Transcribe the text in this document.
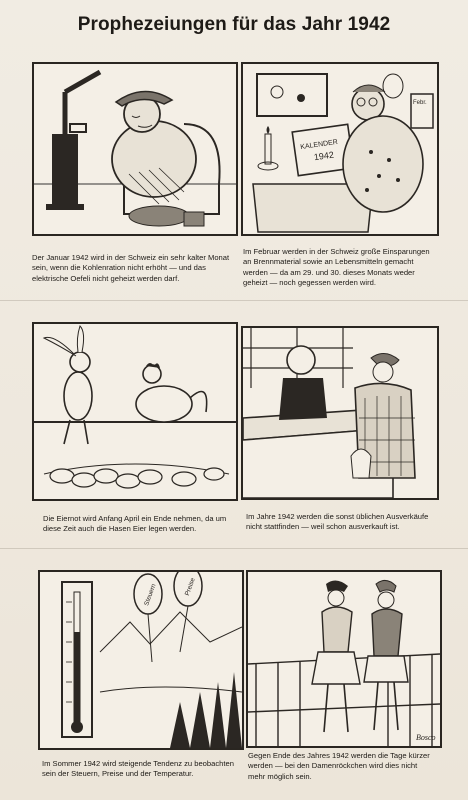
Prophezeiungen für das Jahr 1942
Der Januar 1942 wird in der Schweiz ein sehr kalter Monat sein, wenn die Kohlenration nicht erhöht — und das elektrische Oefeli nicht geheizt werden darf.
Febr.
KALENDER
1942
Im Februar werden in der Schweiz große Einsparungen an Brennmaterial sowie an Lebensmitteln gemacht werden — da am 29. und 30. dieses Monats weder geheizt — noch gegessen werden wird.
Die Eiernot wird Anfang April ein Ende nehmen, da um diese Zeit auch die Hasen Eier legen werden.
Im Jahre 1942 werden die sonst üblichen Ausverkäufe nicht stattfinden — weil schon ausverkauft ist.
Steuern	Preise
Im Sommer 1942 wird steigende Tendenz zu beobachten sein der Steuern, Preise und der Temperatur.
Bosco
Gegen Ende des Jahres 1942 werden die Tage kürzer werden — bei den Damenröckchen wird dies nicht mehr möglich sein.
